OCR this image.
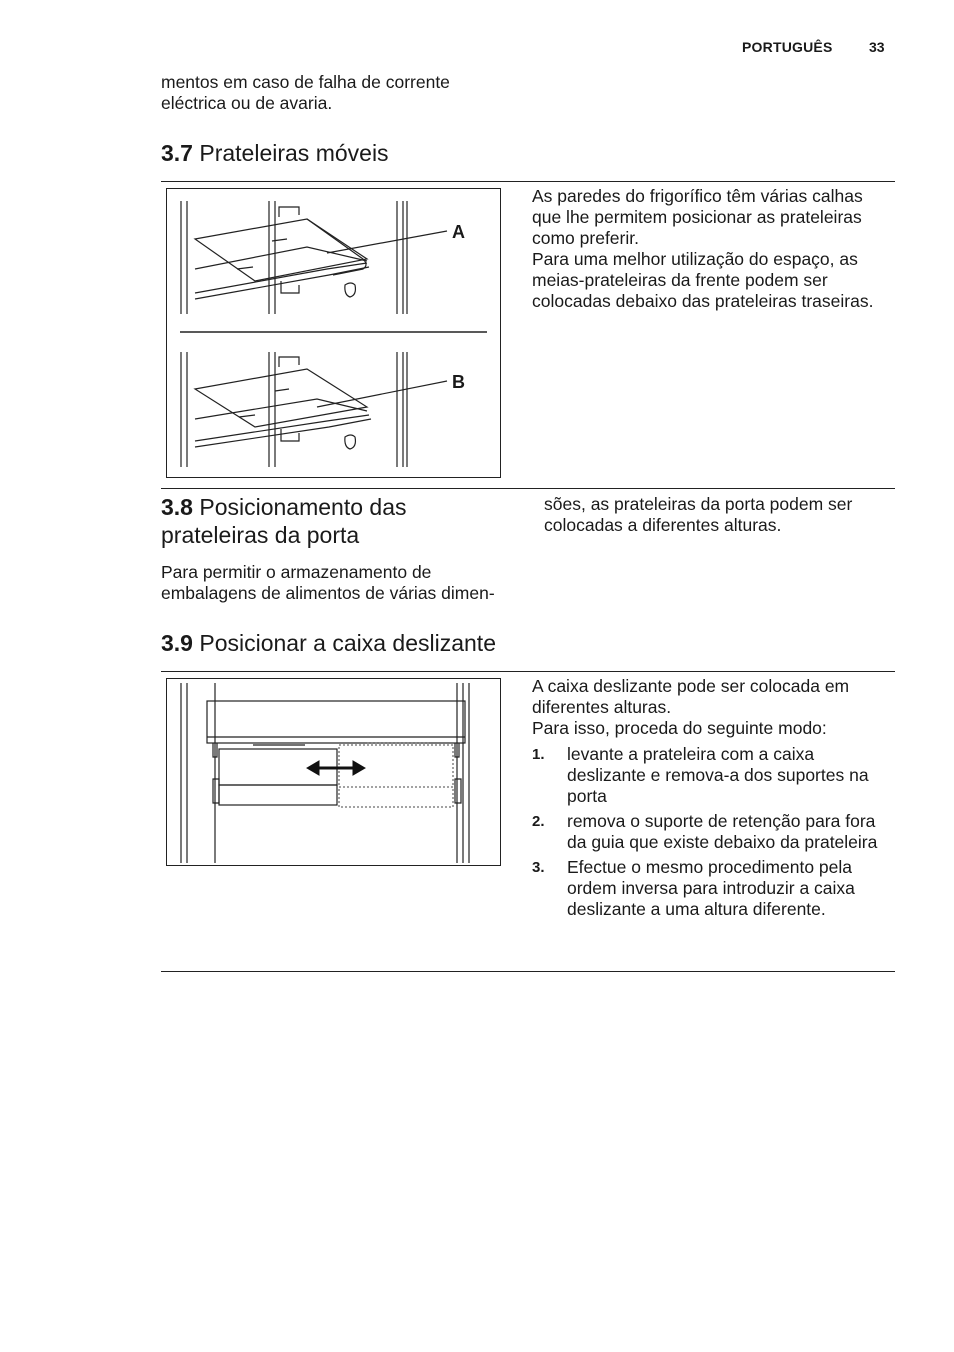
PORTUGUÊS	33
mentos em caso de falha de corrente eléctrica ou de avaria.
3.7 Prateleiras móveis
A
B
As paredes do frigorífico têm várias calhas que lhe permitem posicionar as prateleiras como preferir.
Para uma melhor utilização do espaço, as meias-prateleiras da frente podem ser colocadas debaixo das prateleiras traseiras.
3.8 Posicionamento das prateleiras da porta
Para permitir o armazenamento de embalagens de alimentos de várias dimen-
sões, as prateleiras da porta podem ser colocadas a diferentes alturas.
3.9 Posicionar a caixa deslizante
A caixa deslizante pode ser colocada em diferentes alturas.
Para isso, proceda do seguinte modo:
1. levante a prateleira com a caixa deslizante e remova-a dos suportes na porta
2. remova o suporte de retenção para fora da guia que existe debaixo da prateleira
3. Efectue o mesmo procedimento pela ordem inversa para introduzir a caixa deslizante a uma altura diferente.
